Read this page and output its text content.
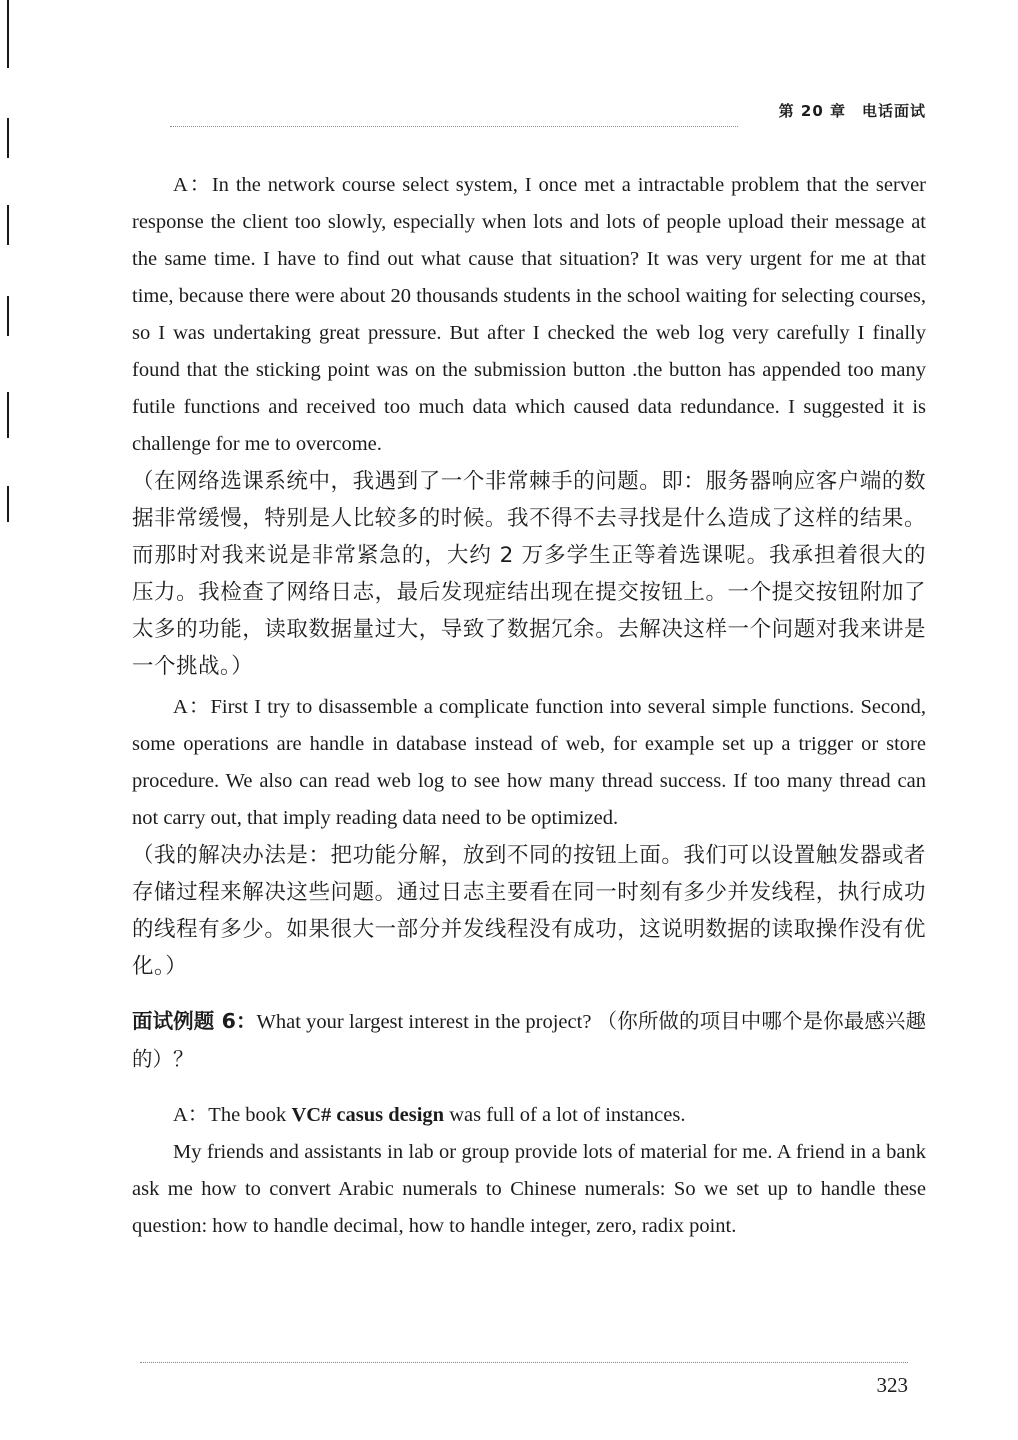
第 20 章 电话面试

A：In the network course select system, I once met a intractable problem that the server response the client too slowly, especially when lots and lots of people upload their message at the same time. I have to find out what cause that situation? It was very urgent for me at that time, because there were about 20 thousands students in the school waiting for selecting courses, so I was undertaking great pressure. But after I checked the web log very carefully I finally found that the sticking point was on the submission button .the button has appended too many futile functions and received too much data which caused data redundance. I suggested it is challenge for me to overcome.

（在网络选课系统中，我遇到了一个非常棘手的问题。即：服务器响应客户端的数据非常缓慢，特别是人比较多的时候。我不得不去寻找是什么造成了这样的结果。而那时对我来说是非常紧急的，大约 2 万多学生正等着选课呢。我承担着很大的压力。我检查了网络日志，最后发现症结出现在提交按钮上。一个提交按钮附加了太多的功能，读取数据量过大，导致了数据冗余。去解决这样一个问题对我来讲是一个挑战。）

A：First I try to disassemble a complicate function into several simple functions. Second, some operations are handle in database instead of web, for example set up a trigger or store procedure. We also can read web log to see how many thread success. If too many thread can not carry out, that imply reading data need to be optimized.

（我的解决办法是：把功能分解，放到不同的按钮上面。我们可以设置触发器或者存储过程来解决这些问题。通过日志主要看在同一时刻有多少并发线程，执行成功的线程有多少。如果很大一部分并发线程没有成功，这说明数据的读取操作没有优化。）

面试例题 6：What your largest interest in the project? （你所做的项目中哪个是你最感兴趣的）？

A：The book VC# casus design was full of a lot of instances.

My friends and assistants in lab or group provide lots of material for me. A friend in a bank ask me how to convert Arabic numerals to Chinese numerals: So we set up to handle these question: how to handle decimal, how to handle integer, zero, radix point.

323
